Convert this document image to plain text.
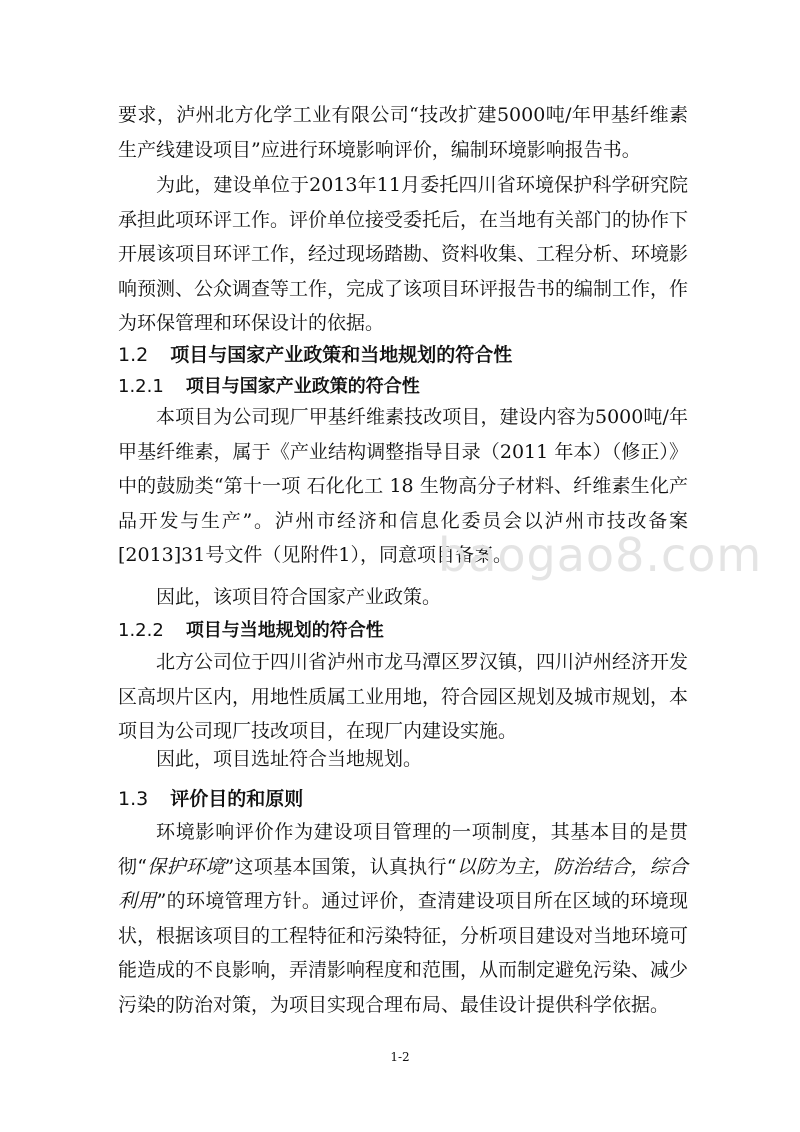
要求，泸州北方化学工业有限公司“技改扩建5000吨/年甲基纤维素生产线建设项目”应进行环境影响评价，编制环境影响报告书。

为此，建设单位于2013年11月委托四川省环境保护科学研究院承担此项环评工作。评价单位接受委托后，在当地有关部门的协作下开展该项目环评工作，经过现场踏勘、资料收集、工程分析、环境影响预测、公众调查等工作，完成了该项目环评报告书的编制工作，作为环保管理和环保设计的依据。

1.2 项目与国家产业政策和当地规划的符合性
1.2.1 项目与国家产业政策的符合性

本项目为公司现厂甲基纤维素技改项目，建设内容为5000吨/年甲基纤维素，属于《产业结构调整指导目录（2011 年本）（修正）》中的鼓励类“第十一项 石化化工 18 生物高分子材料、纤维素生化产品开发与生产”。泸州市经济和信息化委员会以泸州市技改备案[2013]31号文件（见附件1），同意项目备案。

因此，该项目符合国家产业政策。

1.2.2 项目与当地规划的符合性

北方公司位于四川省泸州市龙马潭区罗汉镇，四川泸州经济开发区高坝片区内，用地性质属工业用地，符合园区规划及城市规划，本项目为公司现厂技改项目，在现厂内建设实施。

因此，项目选址符合当地规划。

1.3 评价目的和原则

环境影响评价作为建设项目管理的一项制度，其基本目的是贯彻“保护环境”这项基本国策，认真执行“以防为主，防治结合，综合利用”的环境管理方针。通过评价，查清建设项目所在区域的环境现状，根据该项目的工程特征和污染特征，分析项目建设对当地环境可能造成的不良影响，弄清影响程度和范围，从而制定避免污染、减少污染的防治对策，为项目实现合理布局、最佳设计提供科学依据。

baogao8.com
1-2
